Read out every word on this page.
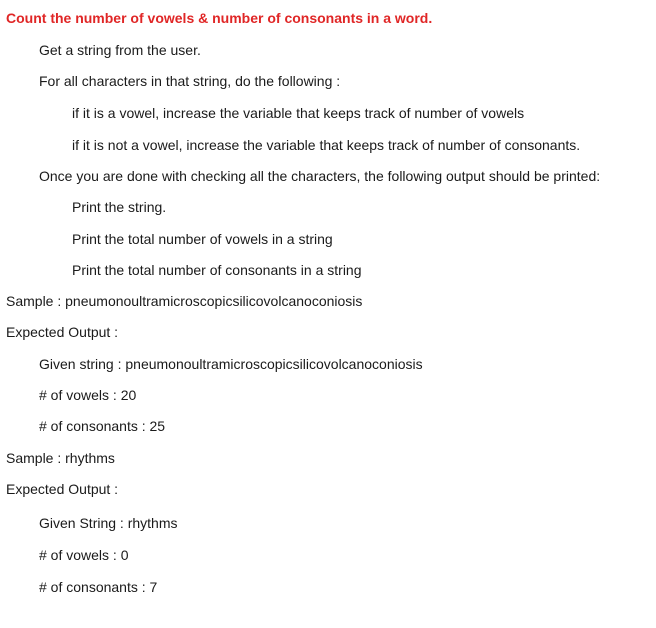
Count the number of vowels & number of consonants in a word.
Get a string from the user.
For all characters in that string, do the following :
if it is a vowel, increase the variable that keeps track of number of vowels
if it is not a vowel, increase the variable that keeps track of number of consonants.
Once you are done with checking all the characters, the following output should be printed:
Print the string.
Print the total number of vowels in a string
Print the total number of consonants in a string
Sample : pneumonoultramicroscopicsilicovolcanoconiosis
Expected Output :
Given string : pneumonoultramicroscopicsilicovolcanoconiosis
# of vowels : 20
# of consonants : 25
Sample : rhythms
Expected Output :
Given String : rhythms
# of vowels : 0
# of consonants : 7
